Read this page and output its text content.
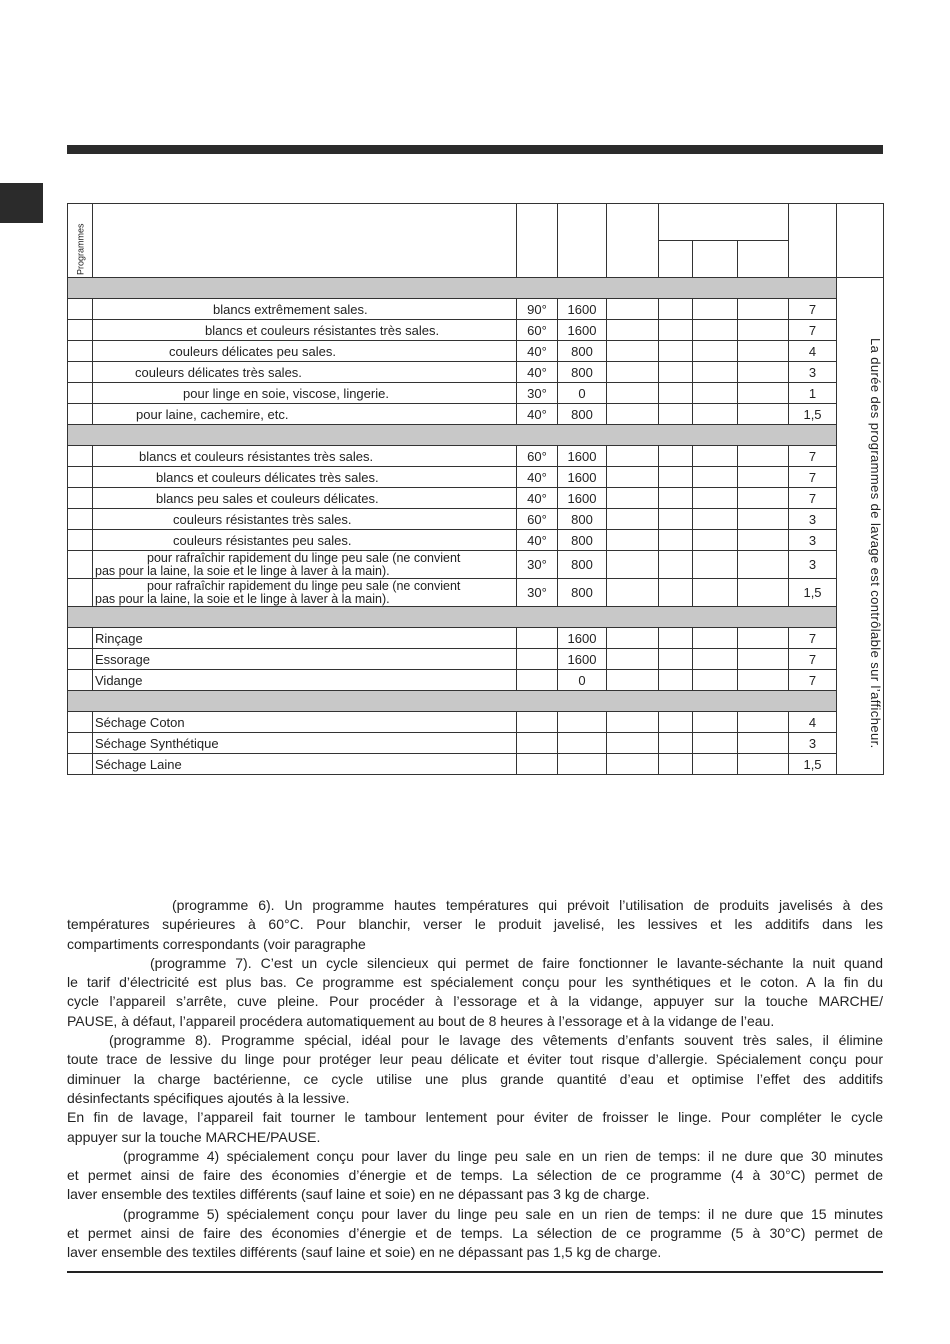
Programmes									

									La durée des programmes de lavage est contrôlable sur l’afficheur.
	blancs extrêmement sales.	90°	1600					7	
	blancs et couleurs résistantes très sales.	60°	1600					7	
	couleurs délicates peu sales.	40°	800					4	
	couleurs délicates très sales.	40°	800					3	
	pour linge en soie, viscose, lingerie.	30°	0					1	
	pour laine, cachemire, etc.	40°	800					1,5	

	blancs et couleurs résistantes très sales.	60°	1600					7	
	blancs et couleurs délicates très sales.	40°	1600					7	
	blancs peu sales et couleurs délicates.	40°	1600					7	
	couleurs résistantes très sales.	60°	800					3	
	couleurs résistantes peu sales.	40°	800					3	

	pour rafraîchir rapidement du linge peu sale (ne convient
pas pour la laine, la soie et le linge à laver à la main).	30°	800					3	

	pour rafraîchir rapidement du linge peu sale (ne convient
pas pour la laine, la soie et le linge à laver à la main).	30°	800					1,5	

	Rinçage		1600					7	
	Essorage		1600					7	
	Vidange		0					7	

	Séchage Coton							4	
	Séchage Synthétique							3	
	Séchage Laine							1,5	

(programme 6). Un programme hautes températures qui prévoit l’utilisation de produits javelisés à des

températures supérieures à 60°C. Pour blanchir, verser le produit javelisé, les lessives et les additifs dans les

compartiments correspondants (voir paragraphe

(programme 7). C’est un cycle silencieux qui permet de faire fonctionner le lavante-séchante la nuit quand

le tarif d’électricité est plus bas. Ce programme est spécialement conçu pour les synthétiques et le coton. A la fin du

cycle l’appareil s’arrête, cuve pleine. Pour procéder à l’essorage et à la vidange, appuyer sur la touche MARCHE/

PAUSE, à défaut, l’appareil procédera automatiquement au bout de 8 heures à l’essorage et à la vidange de l’eau.

(programme 8). Programme spécial, idéal pour le lavage des vêtements d’enfants souvent très sales, il élimine

toute trace de lessive du linge pour protéger leur peau délicate et éviter tout risque d’allergie. Spécialement conçu pour

diminuer la charge bactérienne, ce cycle utilise une plus grande quantité d’eau et optimise l’effet des additifs

désinfectants spécifiques ajoutés à la lessive.

En fin de lavage, l’appareil fait tourner le tambour lentement pour éviter de froisser le linge. Pour compléter le cycle

appuyer sur la touche MARCHE/PAUSE.

(programme 4) spécialement conçu pour laver du linge peu sale en un rien de temps: il ne dure que 30 minutes

et permet ainsi de faire des économies d’énergie et de temps. La sélection de ce programme (4 à 30°C) permet de

laver ensemble des textiles différents (sauf laine et soie) en ne dépassant pas 3 kg de charge.

(programme 5) spécialement conçu pour laver du linge peu sale en un rien de temps: il ne dure que 15 minutes

et permet ainsi de faire des économies d’énergie et de temps. La sélection de ce programme (5 à 30°C) permet de

laver ensemble des textiles différents (sauf laine et soie) en ne dépassant pas 1,5 kg de charge.
